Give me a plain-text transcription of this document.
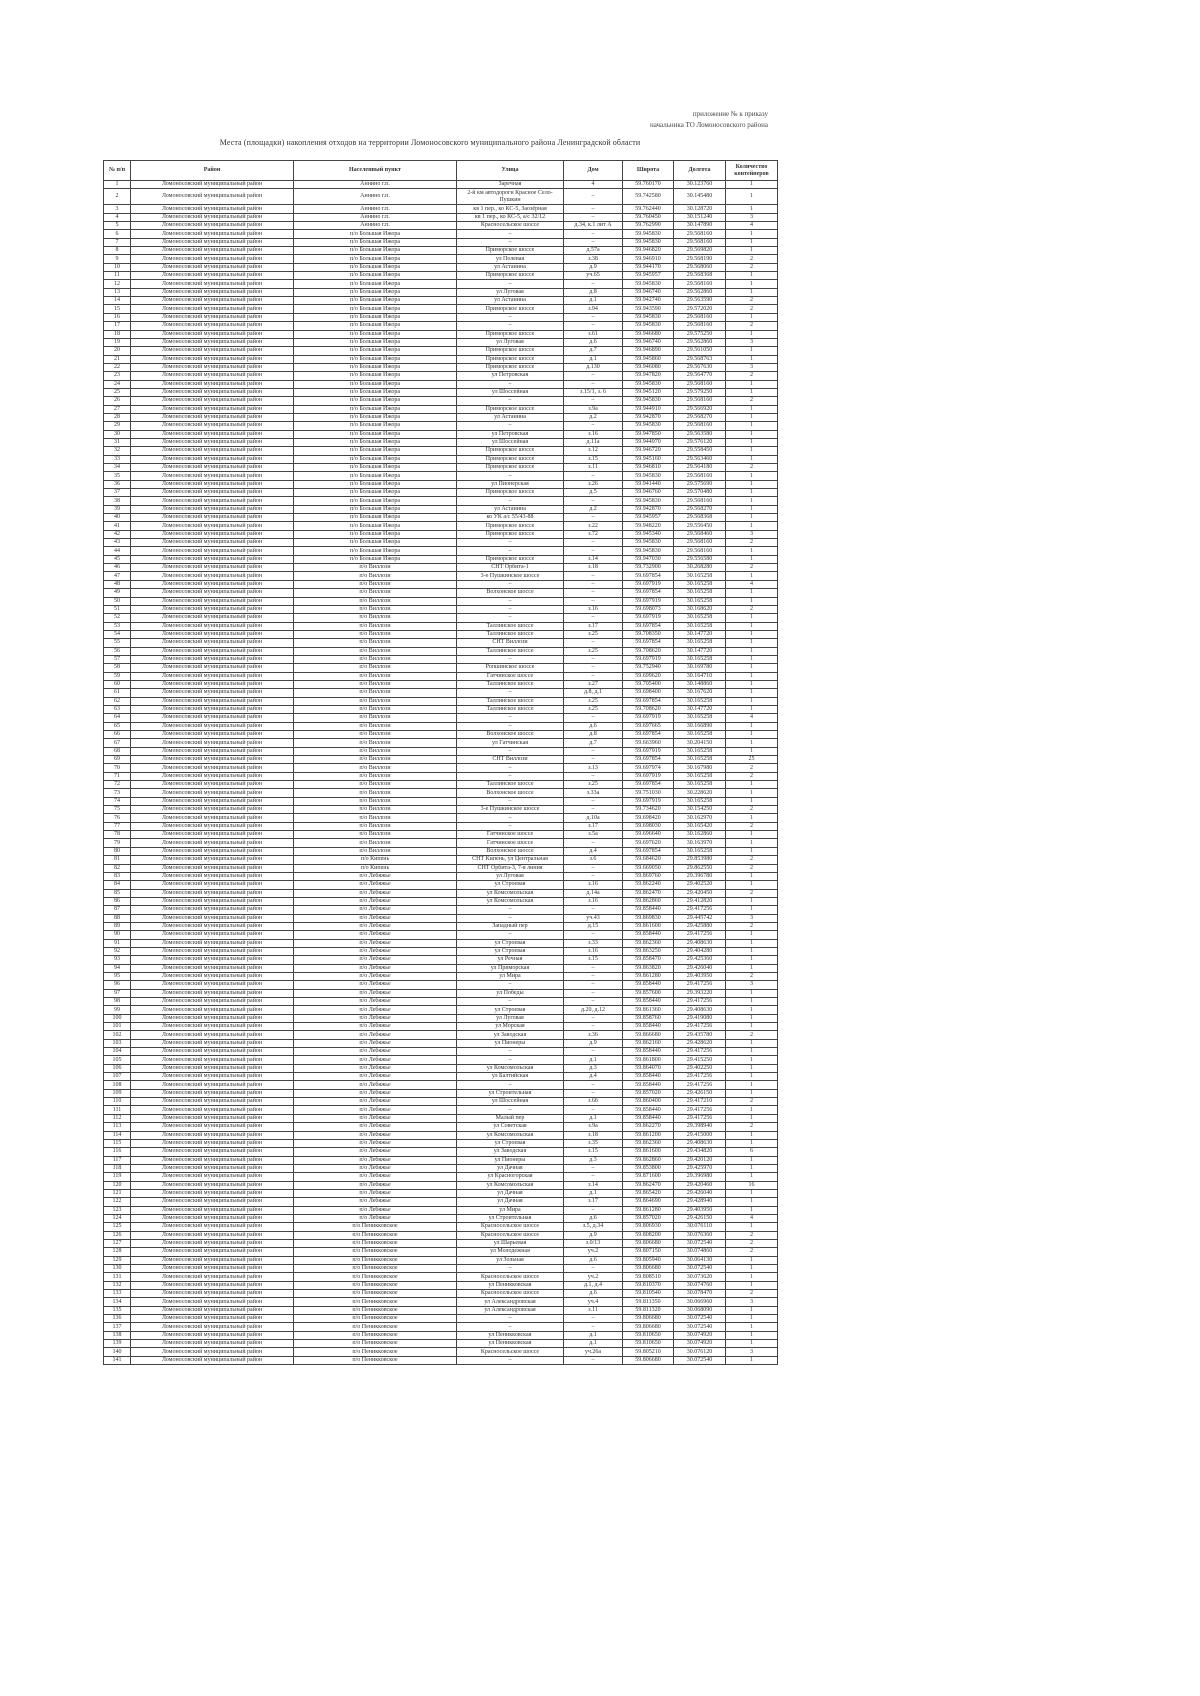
приложение № к приказу
начальника ТО Ломоносовского района
Места (площадки) накопления отходов на территории Ломоносовского муниципального района Ленинградской области
№ п/п	Район	Населенный пункт	Улица	Дом	Широта	Долгота	Количество контейнеров
1	Ломоносовский муниципальный район	Аннино г.п.	Заречная	4	59.760170	30.123760	1
2	Ломоносовский муниципальный район	Аннино г.п.	2-й км автодороги Красное Село-Пушкин	–	59.742580	30.145480	1
3	Ломоносовский муниципальный район	Аннино г.п.	кв 1 пер., ко КС-5, Заозёрная	–	59.762440	30.128720	1
4	Ломоносовский муниципальный район	Аннино г.п.	кв 1 пер., ко КС-5, а/с 32/12	–	59.760450	30.151240	3
5	Ломоносовский муниципальный район	Аннино г.п.	Красносельское шоссе	д.34, к.1 лит А	59.762990	30.147890	4
6	Ломоносовский муниципальный район	п/о Большая Ижора	–	–	59.945830	29.568160	1
7	Ломоносовский муниципальный район	п/о Большая Ижора	–	–	59.945830	29.568160	1
8	Ломоносовский муниципальный район	п/о Большая Ижора	Приморское шоссе	д.57а	59.946820	29.569820	1
9	Ломоносовский муниципальный район	п/о Большая Ижора	ул Полевая	з.38	59.946910	29.568190	2
10	Ломоносовский муниципальный район	п/о Большая Ижора	ул Астанина	д.9	59.944170	29.568060	2
11	Ломоносовский муниципальный район	п/о Большая Ижора	Приморское шоссе	уч.65	59.945957	29.568368	1
12	Ломоносовский муниципальный район	п/о Большая Ижора	–	–	59.945830	29.568160	1
13	Ломоносовский муниципальный район	п/о Большая Ижора	ул Луговая	д.8	59.946740	29.562860	1
14	Ломоносовский муниципальный район	п/о Большая Ижора	ул Астанина	д.1	59.942740	29.563590	2
15	Ломоносовский муниципальный район	п/о Большая Ижора	Приморское шоссе	з.94	59.943590	29.572020	2
16	Ломоносовский муниципальный район	п/о Большая Ижора	–	–	59.945830	29.568160	1
17	Ломоносовский муниципальный район	п/о Большая Ижора	–	–	59.945830	29.568160	2
18	Ломоносовский муниципальный район	п/о Большая Ижора	Приморское шоссе	з.61	59.946680	29.575250	1
19	Ломоносовский муниципальный район	п/о Большая Ижора	ул Луговая	д.6	59.946740	29.562860	3
20	Ломоносовский муниципальный район	п/о Большая Ижора	Приморское шоссе	д.7	59.946890	29.561050	1
21	Ломоносовский муниципальный район	п/о Большая Ижора	Приморское шоссе	д.1	59.945860	29.568763	1
22	Ломоносовский муниципальный район	п/о Большая Ижора	Приморское шоссе	д.130	59.946080	29.567630	3
23	Ломоносовский муниципальный район	п/о Большая Ижора	ул Петровская	–	59.947820	29.564770	2
24	Ломоносовский муниципальный район	п/о Большая Ижора	–	–	59.945830	29.568160	1
25	Ломоносовский муниципальный район	п/о Большая Ижора	ул Шоссейная	з.15/1, з. 6	59.945120	29.579250	1
26	Ломоносовский муниципальный район	п/о Большая Ижора	–	–	59.945830	29.568160	2
27	Ломоносовский муниципальный район	п/о Большая Ижора	Приморское шоссе	з.9а	59.944910	29.566920	1
28	Ломоносовский муниципальный район	п/о Большая Ижора	ул Астанина	д.2	59.942870	29.568270	1
29	Ломоносовский муниципальный район	п/о Большая Ижора	–	–	59.945830	29.568160	1
30	Ломоносовский муниципальный район	п/о Большая Ижора	ул Петровская	з.16	59.947850	29.563580	1
31	Ломоносовский муниципальный район	п/о Большая Ижора	ул Шоссейная	д.11а	59.944970	29.576120	1
32	Ломоносовский муниципальный район	п/о Большая Ижора	Приморское шоссе	з.12	59.946720	29.558450	1
33	Ломоносовский муниципальный район	п/о Большая Ижора	Приморское шоссе	з.15	59.945160	29.563460	1
34	Ломоносовский муниципальный район	п/о Большая Ижора	Приморское шоссе	з.11	59.946810	29.564180	2
35	Ломоносовский муниципальный район	п/о Большая Ижора	–	–	59.945830	29.568160	1
36	Ломоносовский муниципальный район	п/о Большая Ижора	ул Пионерская	з.26	59.941440	29.575690	1
37	Ломоносовский муниципальный район	п/о Большая Ижора	Приморское шоссе	д.5	59.946760	29.570480	1
38	Ломоносовский муниципальный район	п/о Большая Ижора	–	–	59.945830	29.568160	1
39	Ломоносовский муниципальный район	п/о Большая Ижора	ул Астанина	д.2	59.942870	29.568270	1
40	Ломоносовский муниципальный район	п/о Большая Ижора	ко УК а/с 55/43-88	–	59.945957	29.568368	1
41	Ломоносовский муниципальный район	п/о Большая Ижора	Приморское шоссе	з.22	59.948220	29.556450	1
42	Ломоносовский муниципальный район	п/о Большая Ижора	Приморское шоссе	з.72	59.945340	29.568460	3
43	Ломоносовский муниципальный район	п/о Большая Ижора	–	–	59.945830	29.568160	2
44	Ломоносовский муниципальный район	п/о Большая Ижора	–	–	59.945830	29.568160	1
45	Ломоносовский муниципальный район	п/о Большая Ижора	Приморское шоссе	з.14	59.947030	29.556580	1
46	Ломоносовский муниципальный район	п/о Виллози	СНТ Орбита-1	з.18	59.732900	30.268280	2
47	Ломоносовский муниципальный район	п/о Виллози	3-е Пушкинское шоссе	–	59.697854	30.165258	1
48	Ломоносовский муниципальный район	п/о Виллози	–	–	59.697919	30.165258	4
49	Ломоносовский муниципальный район	п/о Виллози	Волхонское шоссе	–	59.697854	30.165258	1
50	Ломоносовский муниципальный район	п/о Виллози	–	–	59.697919	30.165258	1
51	Ломоносовский муниципальный район	п/о Виллози	–	з.16	59.698073	30.168620	2
52	Ломоносовский муниципальный район	п/о Виллози	–	–	59.697919	30.165258	1
53	Ломоносовский муниципальный район	п/о Виллози	Таллинское шоссе	з.17	59.697854	30.165258	1
54	Ломоносовский муниципальный район	п/о Виллози	Таллинское шоссе	з.25	59.708350	30.147720	1
55	Ломоносовский муниципальный район	п/о Виллози	СНТ Виллози	–	59.697854	30.165258	1
56	Ломоносовский муниципальный район	п/о Виллози	Таллинское шоссе	з.25	59.708620	30.147720	1
57	Ломоносовский муниципальный район	п/о Виллози	–	–	59.697919	30.165258	1
58	Ломоносовский муниципальный район	п/о Виллози	Ропшинское шоссе	–	59.752940	30.169780	1
59	Ломоносовский муниципальный район	п/о Виллози	Гатчинское шоссе	–	59.699620	30.164710	1
60	Ломоносовский муниципальный район	п/о Виллози	Таллинское шоссе	з.27	59.705400	30.148860	1
61	Ломоносовский муниципальный район	п/о Виллози	–	д.8, д.1	59.698400	30.167620	1
62	Ломоносовский муниципальный район	п/о Виллози	Таллинское шоссе	з.25	59.697854	30.165258	1
63	Ломоносовский муниципальный район	п/о Виллози	Таллинское шоссе	з.25	59.708620	30.147720	1
64	Ломоносовский муниципальный район	п/о Виллози	–	–	59.697919	30.165258	4
65	Ломоносовский муниципальный район	п/о Виллози	–	д.6	59.697665	30.166890	1
66	Ломоносовский муниципальный район	п/о Виллози	Волхонское шоссе	д.8	59.697854	30.165258	1
67	Ломоносовский муниципальный район	п/о Виллози	ул Гатчинская	д.7	59.663960	30.204150	1
68	Ломоносовский муниципальный район	п/о Виллози	–	–	59.697919	30.165258	1
69	Ломоносовский муниципальный район	п/о Виллози	СНТ Виллози	–	59.697854	30.165258	25
70	Ломоносовский муниципальный район	п/о Виллози	–	з.13	59.697974	30.167980	2
71	Ломоносовский муниципальный район	п/о Виллози	–	–	59.697919	30.165258	2
72	Ломоносовский муниципальный район	п/о Виллози	Таллинское шоссе	з.25	59.697854	30.165258	1
73	Ломоносовский муниципальный район	п/о Виллози	Волхонское шоссе	з.33а	59.751030	30.228620	1
74	Ломоносовский муниципальный район	п/о Виллози	–	–	59.697919	30.165258	1
75	Ломоносовский муниципальный район	п/о Виллози	3-е Пушкинское шоссе	–	59.734620	30.154250	2
76	Ломоносовский муниципальный район	п/о Виллози	–	д.10а	59.698420	30.162970	1
77	Ломоносовский муниципальный район	п/о Виллози	–	з.17	59.698030	30.165420	2
78	Ломоносовский муниципальный район	п/о Виллози	Гатчинское шоссе	з.5а	59.696640	30.162860	1
79	Ломоносовский муниципальный район	п/о Виллози	Гатчинское шоссе	–	59.697620	30.163970	1
80	Ломоносовский муниципальный район	п/о Виллози	Волхонское шоссе	д.4	59.697854	30.165258	1
81	Ломоносовский муниципальный район	п/о Кипень	СНТ Кипень, ул Центральная	з.6	59.684620	29.853980	2
82	Ломоносовский муниципальный район	п/о Кипень	СНТ Орбита-3, 7-я линия	–	59.669050	29.862550	2
83	Ломоносовский муниципальный район	п/о Лебяжье	ул Луговая	–	59.869760	29.396780	1
84	Ломоносовский муниципальный район	п/о Лебяжье	ул Строевая	з.16	59.862240	29.402520	1
85	Ломоносовский муниципальный район	п/о Лебяжье	ул Комсомольская	д.14а	59.862470	29.420450	2
86	Ломоносовский муниципальный район	п/о Лебяжье	ул Комсомольская	з.16	59.862860	29.412820	1
87	Ломоносовский муниципальный район	п/о Лебяжье	–	–	59.858440	29.417256	1
88	Ломоносовский муниципальный район	п/о Лебяжье	–	уч.43	59.869830	29.445742	3
89	Ломоносовский муниципальный район	п/о Лебяжье	Западный пер	д.15	59.861600	29.425880	2
90	Ломоносовский муниципальный район	п/о Лебяжье	–	–	59.858440	29.417256	1
91	Ломоносовский муниципальный район	п/о Лебяжье	ул Строевая	з.33	59.862360	29.408630	1
92	Ломоносовский муниципальный район	п/о Лебяжье	ул Строевая	з.16	59.863250	29.404280	1
93	Ломоносовский муниципальный район	п/о Лебяжье	ул Речная	з.15	59.858470	29.425360	1
94	Ломоносовский муниципальный район	п/о Лебяжье	ул Приморская	–	59.863820	29.426040	1
95	Ломоносовский муниципальный район	п/о Лебяжье	ул Мира	–	59.861280	29.403950	2
96	Ломоносовский муниципальный район	п/о Лебяжье	–	–	59.858440	29.417256	3
97	Ломоносовский муниципальный район	п/о Лебяжье	ул Победы	–	59.857600	29.393220	1
98	Ломоносовский муниципальный район	п/о Лебяжье	–	–	59.858440	29.417256	1
99	Ломоносовский муниципальный район	п/о Лебяжье	ул Строевая	д.20, д.12	59.861360	29.408630	1
100	Ломоносовский муниципальный район	п/о Лебяжье	ул Луговая	–	59.858760	29.419080	1
101	Ломоносовский муниципальный район	п/о Лебяжье	ул Морская	–	59.858440	29.417256	1
102	Ломоносовский муниципальный район	п/о Лебяжье	ул Заводская	з.36	59.866680	29.435780	2
103	Ломоносовский муниципальный район	п/о Лебяжье	ул Пионеры	д.9	59.862160	29.428620	1
104	Ломоносовский муниципальный район	п/о Лебяжье	–	–	59.858440	29.417256	1
105	Ломоносовский муниципальный район	п/о Лебяжье	–	д.1	59.861800	29.415250	1
106	Ломоносовский муниципальный район	п/о Лебяжье	ул Комсомольская	д.3	59.864070	29.402250	1
107	Ломоносовский муниципальный район	п/о Лебяжье	ул Балтийская	д.4	59.858440	29.417256	1
108	Ломоносовский муниципальный район	п/о Лебяжье	–	–	59.858440	29.417256	1
109	Ломоносовский муниципальный район	п/о Лебяжье	ул Строительная	–	59.857020	29.426150	1
110	Ломоносовский муниципальный район	п/о Лебяжье	ул Шоссейная	з.6б	59.860400	29.417210	2
111	Ломоносовский муниципальный район	п/о Лебяжье	–	–	59.858440	29.417256	1
112	Ломоносовский муниципальный район	п/о Лебяжье	Малый пер	д.1	59.858440	29.417256	1
113	Ломоносовский муниципальный район	п/о Лебяжье	ул Советская	з.9а	59.862270	29.398940	2
114	Ломоносовский муниципальный район	п/о Лебяжье	ул Комсомольская	з.18	59.861200	29.415000	1
115	Ломоносовский муниципальный район	п/о Лебяжье	ул Строевая	з.35	59.862360	29.408630	1
116	Ломоносовский муниципальный район	п/о Лебяжье	ул Заводская	з.15	59.861600	29.434820	6
117	Ломоносовский муниципальный район	п/о Лебяжье	ул Пионеры	д.3	59.862860	29.420120	1
118	Ломоносовский муниципальный район	п/о Лебяжье	ул Дачная	–	59.853800	29.425970	1
119	Ломоносовский муниципальный район	п/о Лебяжье	ул Красногорская	–	59.871600	29.396980	1
120	Ломоносовский муниципальный район	п/о Лебяжье	ул Комсомольская	з.14	59.862470	29.420460	16
121	Ломоносовский муниципальный район	п/о Лебяжье	ул Дачная	д.1	59.865420	29.426040	1
122	Ломоносовский муниципальный район	п/о Лебяжье	ул Дачная	з.17	59.864690	29.428940	1
123	Ломоносовский муниципальный район	п/о Лебяжье	ул Мира	–	59.861280	29.403950	1
124	Ломоносовский муниципальный район	п/о Лебяжье	ул Строительная	д.6	59.857020	29.426150	4
125	Ломоносовский муниципальный район	п/о Пеникковское	Красносельское шоссе	з.5, д.34	59.806930	30.076110	1
126	Ломоносовский муниципальный район	п/о Пеникковское	Красносельское шоссе	д.9	59.808200	30.076360	2
127	Ломоносовский муниципальный район	п/о Пеникковское	ул Шарьевая	з.0/13	59.806680	30.072540	2
128	Ломоносовский муниципальный район	п/о Пеникковское	ул Молодежная	уч.2	59.807150	30.074860	2
129	Ломоносовский муниципальный район	п/о Пеникковское	ул Зольная	д.6	59.805940	30.064130	1
130	Ломоносовский муниципальный район	п/о Пеникковское	–	–	59.806680	30.072540	1
131	Ломоносовский муниципальный район	п/о Пеникковское	Красносельское шоссе	уч.2	59.808510	30.073620	1
132	Ломоносовский муниципальный район	п/о Пеникковское	ул Пеникковская	д.1, д.4	59.810370	30.074760	1
133	Ломоносовский муниципальный район	п/о Пеникковское	Красносельское шоссе	д.6	59.810540	30.078470	2
134	Ломоносовский муниципальный район	п/о Пеникковское	ул Александровская	уч.4	59.811350	30.066960	3
135	Ломоносовский муниципальный район	п/о Пеникковское	ул Александровская	з.11	59.811320	30.068090	1
136	Ломоносовский муниципальный район	п/о Пеникковское	–	–	59.806680	30.072540	1
137	Ломоносовский муниципальный район	п/о Пеникковское	–	–	59.806680	30.072540	1
138	Ломоносовский муниципальный район	п/о Пеникковское	ул Пеникковская	д.1	59.810650	30.074920	1
139	Ломоносовский муниципальный район	п/о Пеникковское	ул Пеникковская	д.1	59.810650	30.074920	1
140	Ломоносовский муниципальный район	п/о Пеникковское	Красносельское шоссе	уч.26а	59.805210	30.076120	3
141	Ломоносовский муниципальный район	п/о Пеникковское	–	–	59.806680	30.072540	1
